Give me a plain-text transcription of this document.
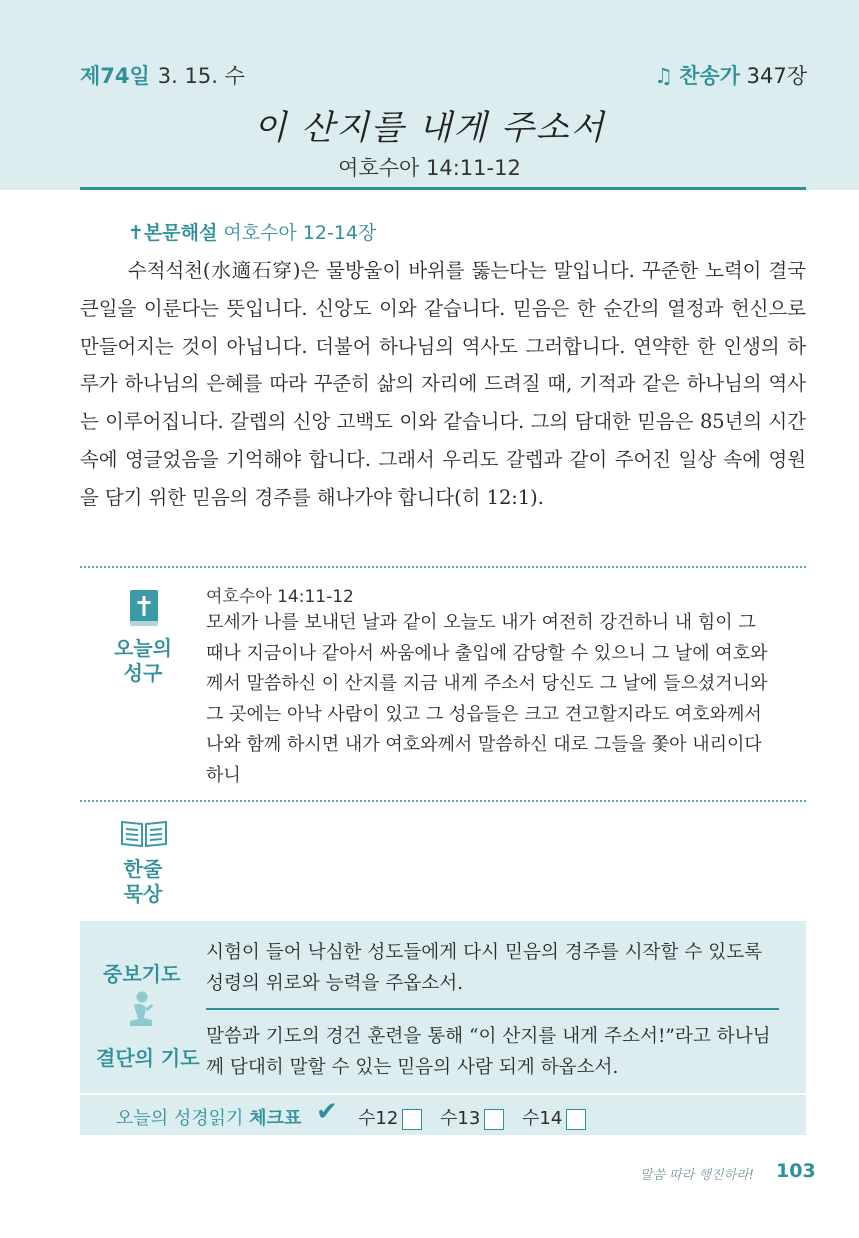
제74일 3. 15. 수	♫ 찬송가 347장
이 산지를 내게 주소서
여호수아 14:11-12
✝본문해설 여호수아 12-14장
수적석천(水適石穿)은 물방울이 바위를 뚫는다는 말입니다. 꾸준한 노력이 결국 큰일을 이룬다는 뜻입니다. 신앙도 이와 같습니다. 믿음은 한 순간의 열정과 헌신으로 만들어지는 것이 아닙니다. 더불어 하나님의 역사도 그러합니다. 연약한 한 인생의 하루가 하나님의 은혜를 따라 꾸준히 삶의 자리에 드려질 때, 기적과 같은 하나님의 역사는 이루어집니다. 갈렙의 신앙 고백도 이와 같습니다. 그의 담대한 믿음은 85년의 시간 속에 영글었음을 기억해야 합니다. 그래서 우리도 갈렙과 같이 주어진 일상 속에 영원을 담기 위한 믿음의 경주를 해나가야 합니다(히 12:1).
오늘의
성구
여호수아 14:11-12
모세가 나를 보내던 날과 같이 오늘도 내가 여전히 강건하니 내 힘이 그 때나 지금이나 같아서 싸움에나 출입에 감당할 수 있으니 그 날에 여호와께서 말씀하신 이 산지를 지금 내게 주소서 당신도 그 날에 들으셨거니와 그 곳에는 아낙 사람이 있고 그 성읍들은 크고 견고할지라도 여호와께서 나와 함께 하시면 내가 여호와께서 말씀하신 대로 그들을 쫓아 내리이다 하니
한줄
묵상
중보기도
시험이 들어 낙심한 성도들에게 다시 믿음의 경주를 시작할 수 있도록 성령의 위로와 능력을 주옵소서.
결단의 기도
말씀과 기도의 경건 훈련을 통해 “이 산지를 내게 주소서!”라고 하나님께 담대히 말할 수 있는 믿음의 사람 되게 하옵소서.
오늘의 성경읽기 체크표 ✔ 수12	수13	수14
말씀 따라 행진하라! 103
